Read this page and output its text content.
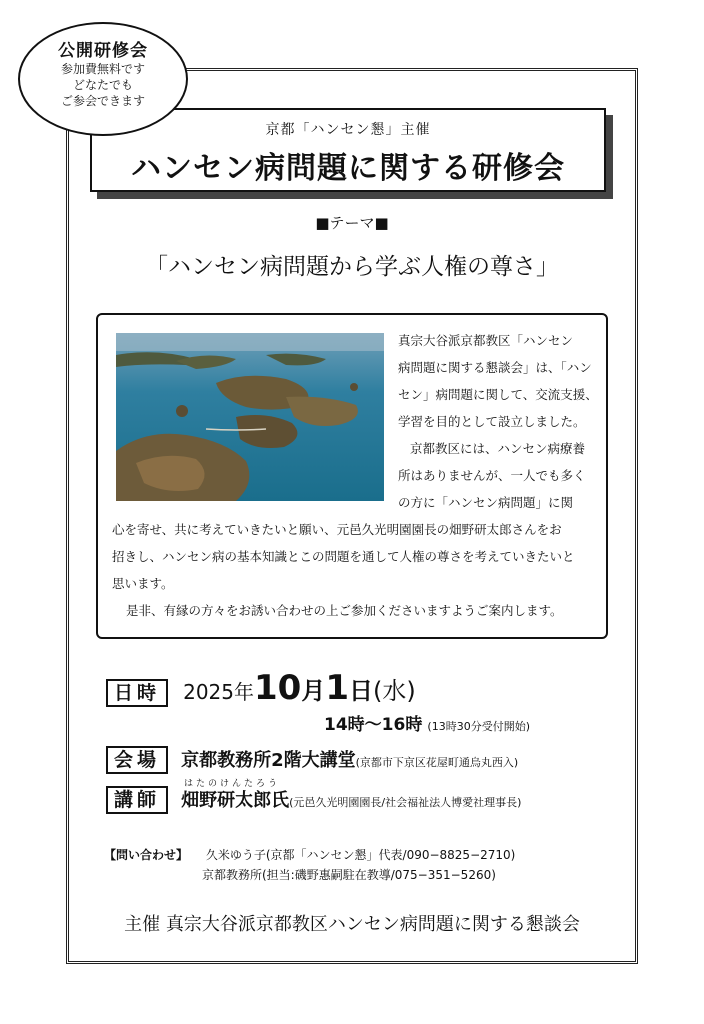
公開研修会
参加費無料です
どなたでも
ご参会できます
京都「ハンセン懇」主催
ハンセン病問題に関する研修会
■テーマ■
「ハンセン病問題から学ぶ人権の尊さ」

真宗大谷派京都教区「ハンセン

病問題に関する懇談会」は、「ハン

セン」病問題に関して、交流支援、

学習を目的として設立しました。

京都教区には、ハンセン病療養

所はありませんが、一人でも多く

の方に「ハンセン病問題」に関

心を寄せ、共に考えていきたいと願い、元邑久光明園園長の畑野研太郎さんをお

招きし、ハンセン病の基本知識とこの問題を通して人権の尊さを考えていきたいと

思います。

是非、有縁の方々をお誘い合わせの上ご参加くださいますようご案内します。

日時 2025年10月1日(水)
14時〜16時 (13時30分受付開始)
会場 京都教務所2階大講堂(京都市下京区花屋町通烏丸西入)
はたのけんたろう
講師 畑野研太郎氏(元邑久光明園園長/社会福祉法人博愛社理事長)
【問い合わせ】 久米ゆう子(京都「ハンセン懇」代表/090−8825−2710)
京都教務所(担当:磯野惠嗣駐在教導/075−351−5260)
主催 真宗大谷派京都教区ハンセン病問題に関する懇談会
